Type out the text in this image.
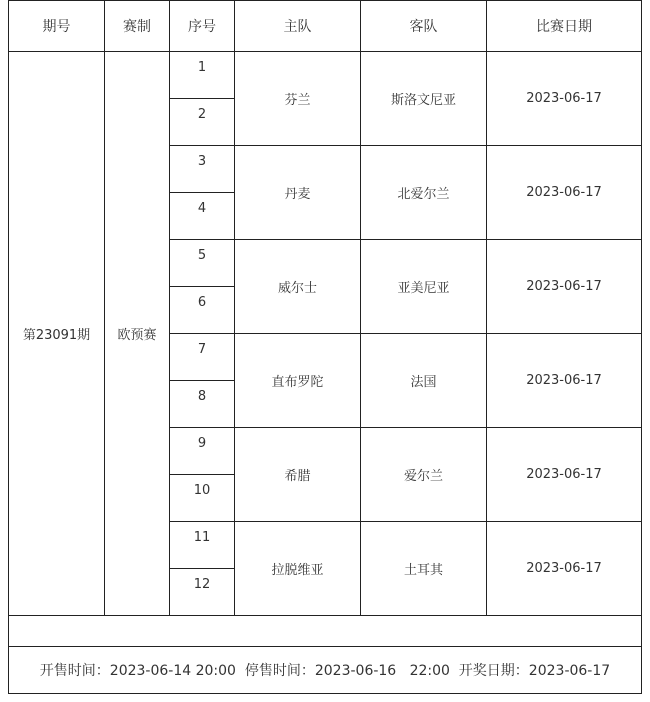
期号	赛制	序号	主队	客队	比赛日期
第23091期	欧预赛	1	芬兰	斯洛文尼亚	2023-06-17
		2			
		3	丹麦	北爱尔兰	2023-06-17
		4			
		5	威尔士	亚美尼亚	2023-06-17
		6			
		7	直布罗陀	法国	2023-06-17
		8			
		9	希腊	爱尔兰	2023-06-17
		10			
		11	拉脱维亚	土耳其	2023-06-17
		12			

开售时间：2023-06-14 20:00  停售时间：2023-06-16   22:00  开奖日期：2023-06-17					
